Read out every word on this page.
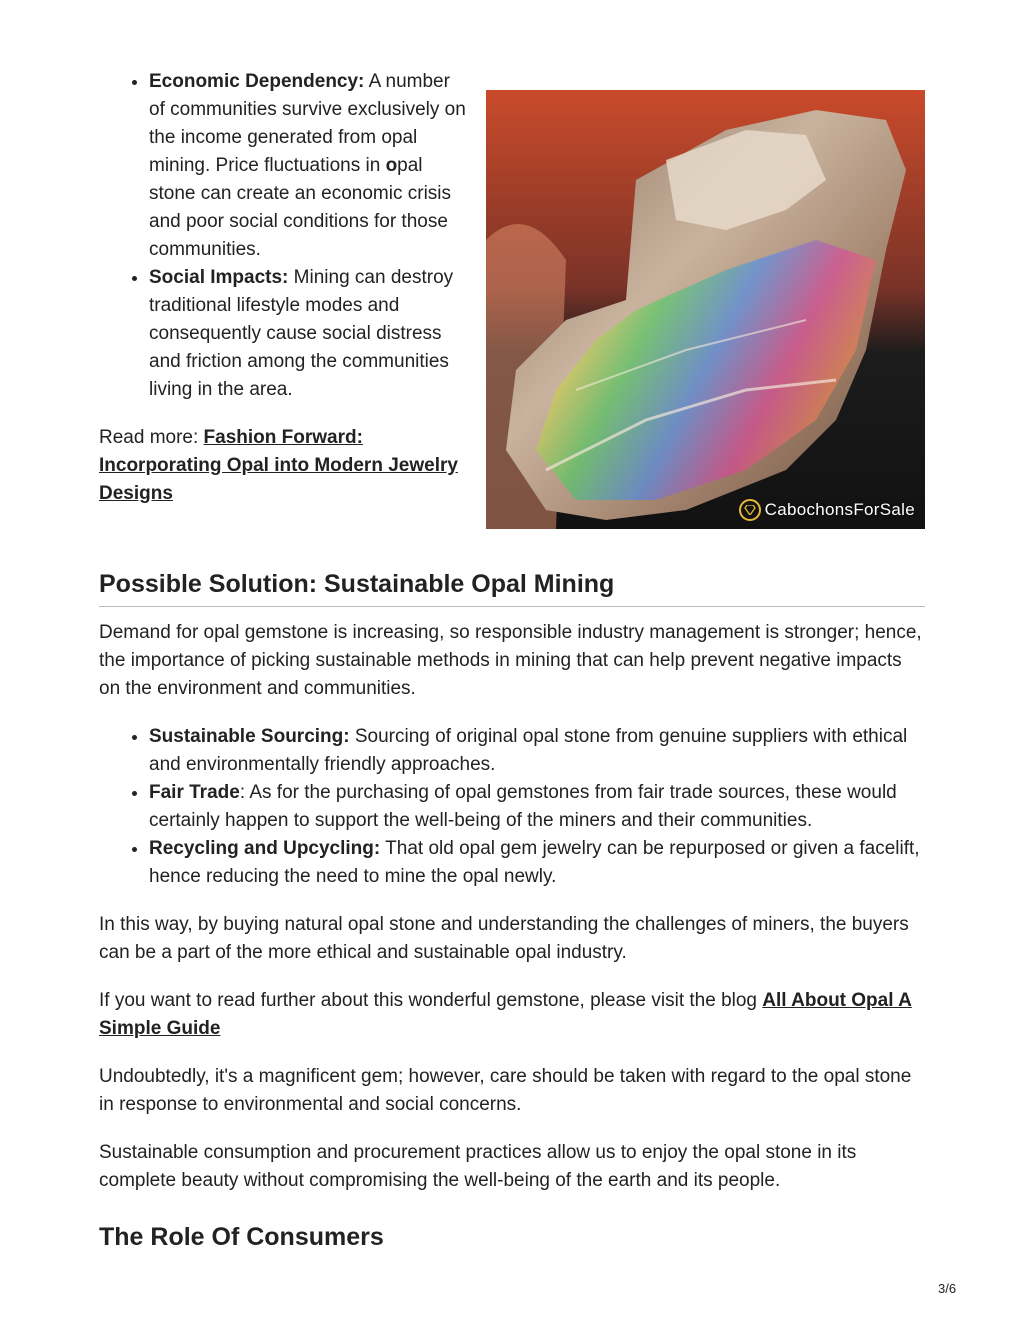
• Economic Dependency: A number of communities survive exclusively on the income generated from opal mining. Price fluctuations in opal stone can create an economic crisis and poor social conditions for those communities.
• Social Impacts: Mining can destroy traditional lifestyle modes and consequently cause social distress and friction among the communities living in the area.

Read more: Fashion Forward: Incorporating Opal into Modern Jewelry Designs

CabochonsForSale
Possible Solution: Sustainable Opal Mining

Demand for opal gemstone is increasing, so responsible industry management is stronger; hence, the importance of picking sustainable methods in mining that can help prevent negative impacts on the environment and communities.

• Sustainable Sourcing: Sourcing of original opal stone from genuine suppliers with ethical and environmentally friendly approaches.
• Fair Trade: As for the purchasing of opal gemstones from fair trade sources, these would certainly happen to support the well-being of the miners and their communities.
• Recycling and Upcycling: That old opal gem jewelry can be repurposed or given a facelift, hence reducing the need to mine the opal newly.

In this way, by buying natural opal stone and understanding the challenges of miners, the buyers can be a part of the more ethical and sustainable opal industry.

If you want to read further about this wonderful gemstone, please visit the blog All About Opal A Simple Guide

Undoubtedly, it's a magnificent gem; however, care should be taken with regard to the opal stone in response to environmental and social concerns.

Sustainable consumption and procurement practices allow us to enjoy the opal stone in its complete beauty without compromising the well-being of the earth and its people.

The Role Of Consumers
3/6
